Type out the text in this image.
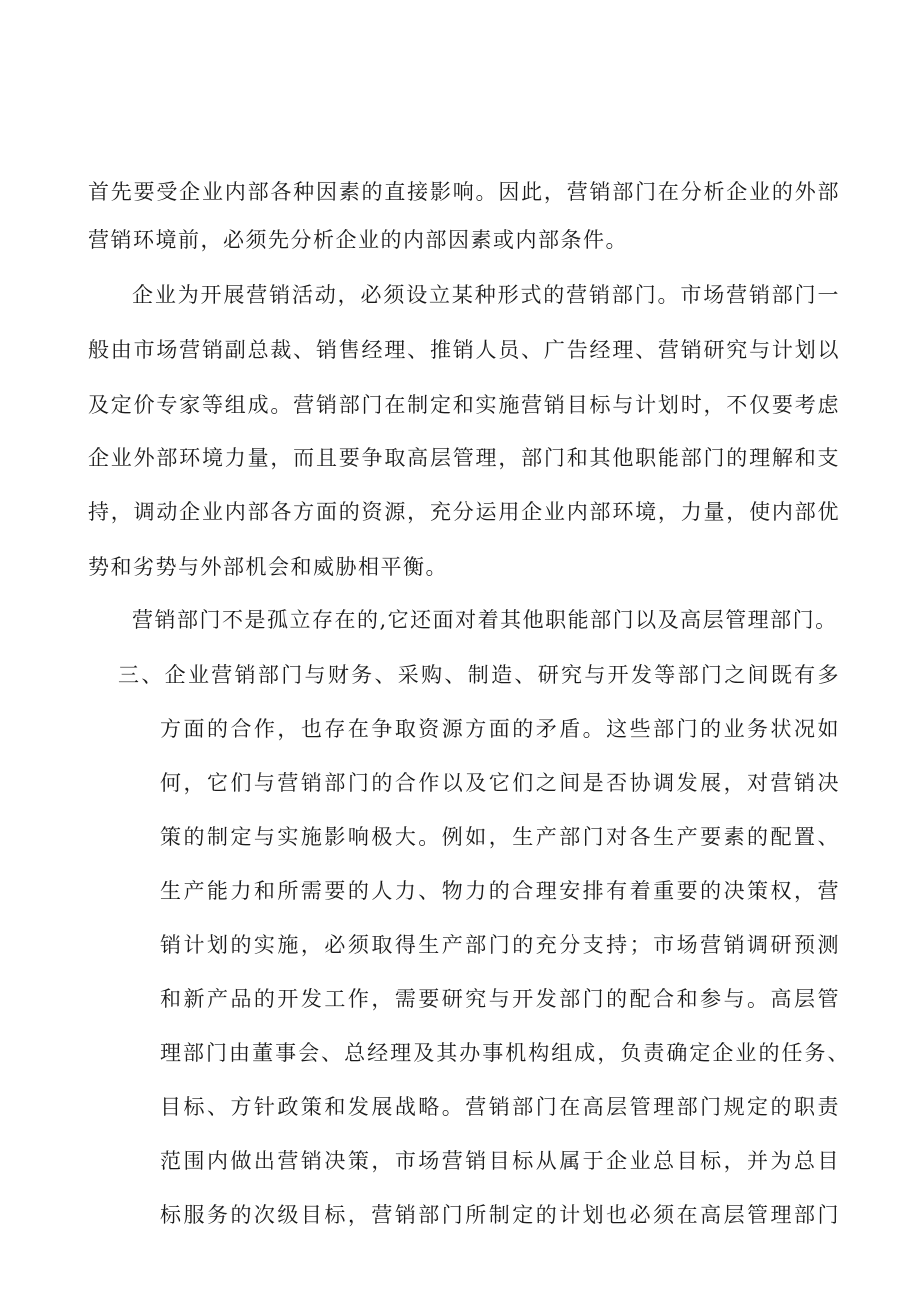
首先要受企业内部各种因素的直接影响。因此，营销部门在分析企业的外部
营销环境前，必须先分析企业的内部因素或内部条件。
企业为开展营销活动，必须设立某种形式的营销部门。市场营销部门一
般由市场营销副总裁、销售经理、推销人员、广告经理、营销研究与计划以
及定价专家等组成。营销部门在制定和实施营销目标与计划时，不仅要考虑
企业外部环境力量，而且要争取高层管理，部门和其他职能部门的理解和支
持，调动企业内部各方面的资源，充分运用企业内部环境，力量，使内部优
势和劣势与外部机会和威胁相平衡。
营销部门不是孤立存在的,它还面对着其他职能部门以及高层管理部门。
三、企业营销部门与财务、采购、制造、研究与开发等部门之间既有多
方面的合作，也存在争取资源方面的矛盾。这些部门的业务状况如
何，它们与营销部门的合作以及它们之间是否协调发展，对营销决
策的制定与实施影响极大。例如，生产部门对各生产要素的配置、
生产能力和所需要的人力、物力的合理安排有着重要的决策权，营
销计划的实施，必须取得生产部门的充分支持；市场营销调研预测
和新产品的开发工作，需要研究与开发部门的配合和参与。高层管
理部门由董事会、总经理及其办事机构组成，负责确定企业的任务、
目标、方针政策和发展战略。营销部门在高层管理部门规定的职责
范围内做出营销决策，市场营销目标从属于企业总目标，并为总目
标服务的次级目标，营销部门所制定的计划也必须在高层管理部门
